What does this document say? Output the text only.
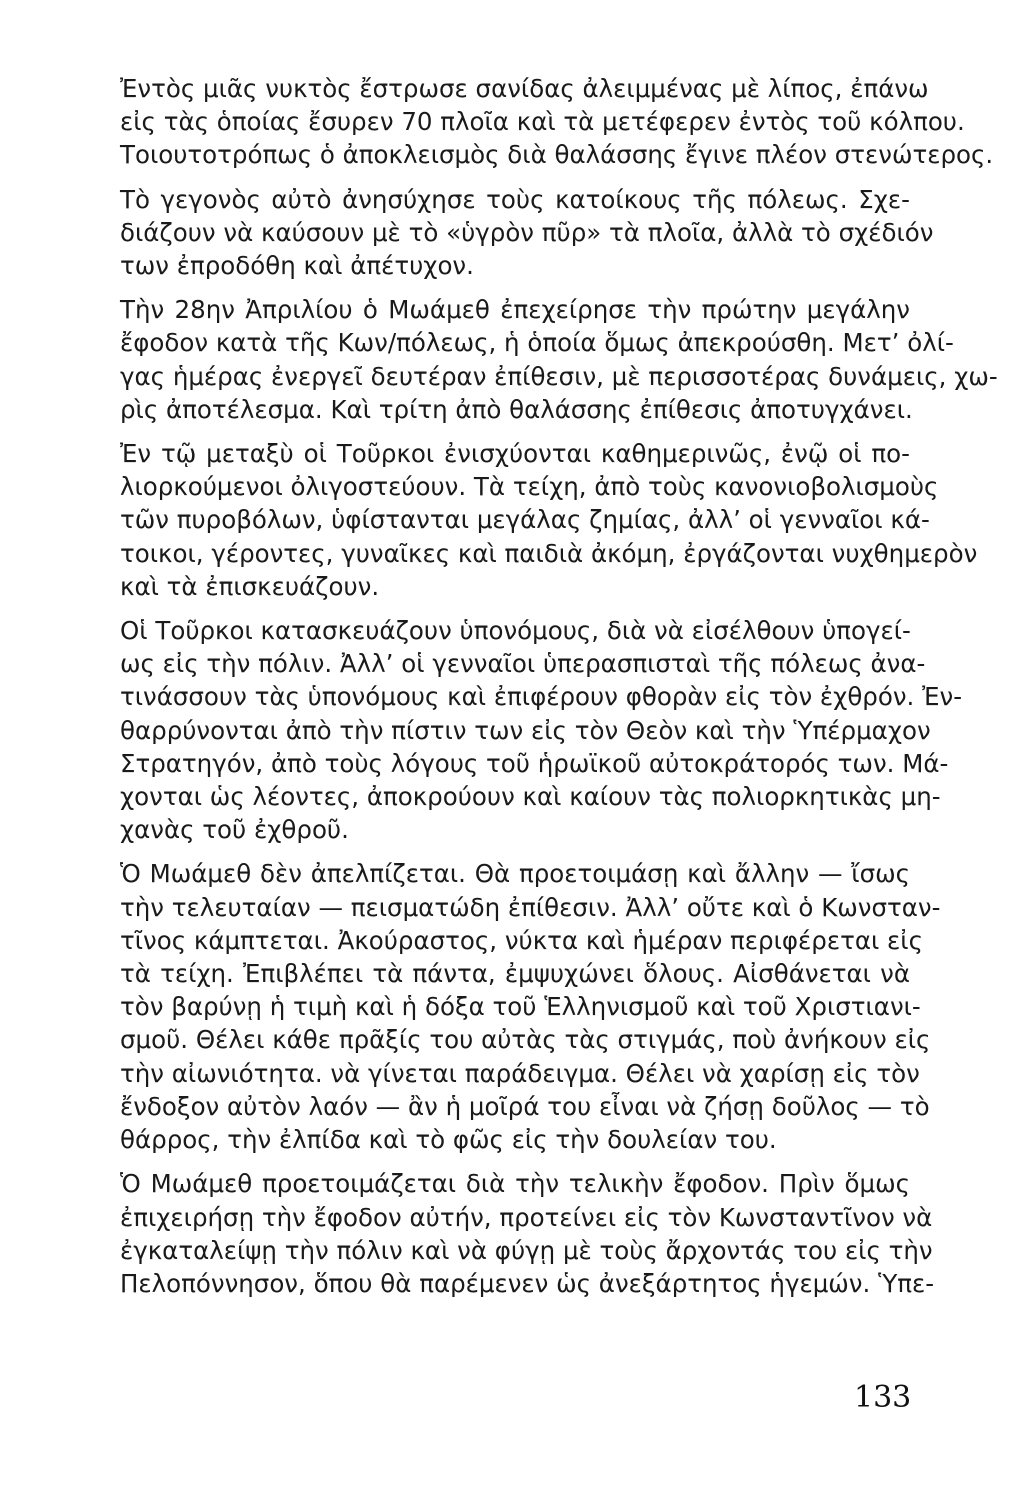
Ἐντὸς μιᾶς νυκτὸς ἔστρωσε σανίδας ἀλειμμένας μὲ λίπος, ἐπάνω
εἰς τὰς ὁποίας ἔσυρεν 70 πλοῖα καὶ τὰ μετέφερεν ἐντὸς τοῦ κόλπου.
Τοιουτοτρόπως ὁ ἀποκλεισμὸς διὰ θαλάσσης ἔγινε πλέον στενώτερος.

Τὸ γεγονὸς αὐτὸ ἀνησύχησε τοὺς κατοίκους τῆς πόλεως. Σχε-
διάζουν νὰ καύσουν μὲ τὸ «ὑγρὸν πῦρ» τὰ πλοῖα, ἀλλὰ τὸ σχέδιόν
των ἐπροδόθη καὶ ἀπέτυχον.

Τὴν 28ην Ἀπριλίου ὁ Μωάμεθ ἐπεχείρησε τὴν πρώτην μεγάλην
ἔφοδον κατὰ τῆς Κων/πόλεως, ἡ ὁποία ὅμως ἀπεκρούσθη. Μετ’ ὀλί-
γας ἡμέρας ἐνεργεῖ δευτέραν ἐπίθεσιν, μὲ περισσοτέρας δυνάμεις, χω-
ρὶς ἀποτέλεσμα. Καὶ τρίτη ἀπὸ θαλάσσης ἐπίθεσις ἀποτυγχάνει.

Ἐν τῷ μεταξὺ οἱ Τοῦρκοι ἐνισχύονται καθημερινῶς, ἐνῷ οἱ πο-
λιορκούμενοι ὀλιγοστεύουν. Τὰ τείχη, ἀπὸ τοὺς κανονιοβολισμοὺς
τῶν πυροβόλων, ὑφίστανται μεγάλας ζημίας, ἀλλ’ οἱ γενναῖοι κά-
τοικοι, γέροντες, γυναῖκες καὶ παιδιὰ ἀκόμη, ἐργάζονται νυχθημερὸν
καὶ τὰ ἐπισκευάζουν.

Οἱ Τοῦρκοι κατασκευάζουν ὑπονόμους, διὰ νὰ εἰσέλθουν ὑπογεί-
ως εἰς τὴν πόλιν. Ἀλλ’ οἱ γενναῖοι ὑπερασπισταὶ τῆς πόλεως ἀνα-
τινάσσουν τὰς ὑπονόμους καὶ ἐπιφέρουν φθορὰν εἰς τὸν ἐχθρόν. Ἐν-
θαρρύνονται ἀπὸ τὴν πίστιν των εἰς τὸν Θεὸν καὶ τὴν Ὑπέρμαχον
Στρατηγόν, ἀπὸ τοὺς λόγους τοῦ ἡρωϊκοῦ αὐτοκράτορός των. Μά-
χονται ὡς λέοντες, ἀποκρούουν καὶ καίουν τὰς πολιορκητικὰς μη-
χανὰς τοῦ ἐχθροῦ.

Ὁ Μωάμεθ δὲν ἀπελπίζεται. Θὰ προετοιμάσῃ καὶ ἄλλην — ἴσως
τὴν τελευταίαν — πεισματώδη ἐπίθεσιν. Ἀλλ’ οὔτε καὶ ὁ Κωνσταν-
τῖνος κάμπτεται. Ἀκούραστος, νύκτα καὶ ἡμέραν περιφέρεται εἰς
τὰ τείχη. Ἐπιβλέπει τὰ πάντα, ἐμψυχώνει ὅλους. Αἰσθάνεται νὰ
τὸν βαρύνῃ ἡ τιμὴ καὶ ἡ δόξα τοῦ Ἑλληνισμοῦ καὶ τοῦ Χριστιανι-
σμοῦ. Θέλει κάθε πρᾶξίς του αὐτὰς τὰς στιγμάς, ποὺ ἀνήκουν εἰς
τὴν αἰωνιότητα. νὰ γίνεται παράδειγμα. Θέλει νὰ χαρίσῃ εἰς τὸν
ἔνδοξον αὐτὸν λαόν — ἂν ἡ μοῖρά του εἶναι νὰ ζήσῃ δοῦλος — τὸ
θάρρος, τὴν ἐλπίδα καὶ τὸ φῶς εἰς τὴν δουλείαν του.

Ὁ Μωάμεθ προετοιμάζεται διὰ τὴν τελικὴν ἔφοδον. Πρὶν ὅμως
ἐπιχειρήσῃ τὴν ἔφοδον αὐτήν, προτείνει εἰς τὸν Κωνσταντῖνον νὰ
ἐγκαταλείψῃ τὴν πόλιν καὶ νὰ φύγῃ μὲ τοὺς ἄρχοντάς του εἰς τὴν
Πελοπόννησον, ὅπου θὰ παρέμενεν ὡς ἀνεξάρτητος ἡγεμών. Ὑπε-

133
